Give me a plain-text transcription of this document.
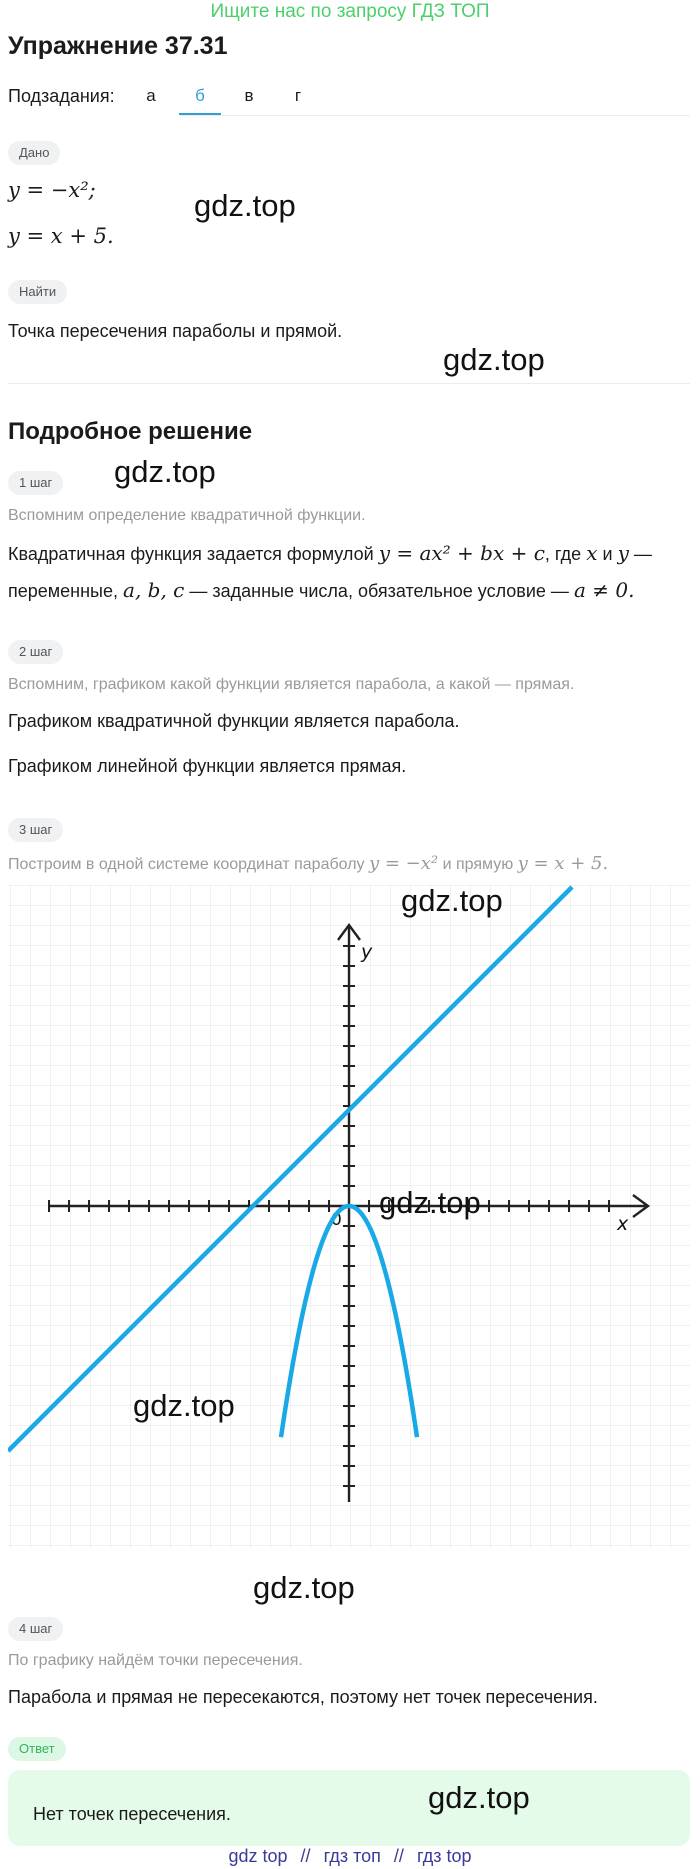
Ищите нас по запросу ГДЗ ТОП
Упражнение 37.31
Подзадания:	а	б	в	г
Дано
y = −x²;
y = x + 5.
gdz.top
Найти
Точка пересечения параболы и прямой.
gdz.top
Подробное решение
gdz.top
1 шаг
Вспомним определение квадратичной функции.
Квадратичная функция задается формулой y = ax² + bx + c, где x и y —
переменные, a, b, c — заданные числа, обязательное условие — a ≠ 0.
2 шаг
Вспомним, графиком какой функции является парабола, а какой — прямая.
Графиком квадратичной функции является парабола.
Графиком линейной функции является прямая.
3 шаг
Построим в одной системе координат параболу y = −x² и прямую y = x + 5.
y
x
0
gdz.top
gdz.top
gdz.top
gdz.top
4 шаг
По графику найдём точки пересечения.
Парабола и прямая не пересекаются, поэтому нет точек пересечения.
Ответ
Нет точек пересечения.	gdz.top
gdz top // гдз топ // гдз top
